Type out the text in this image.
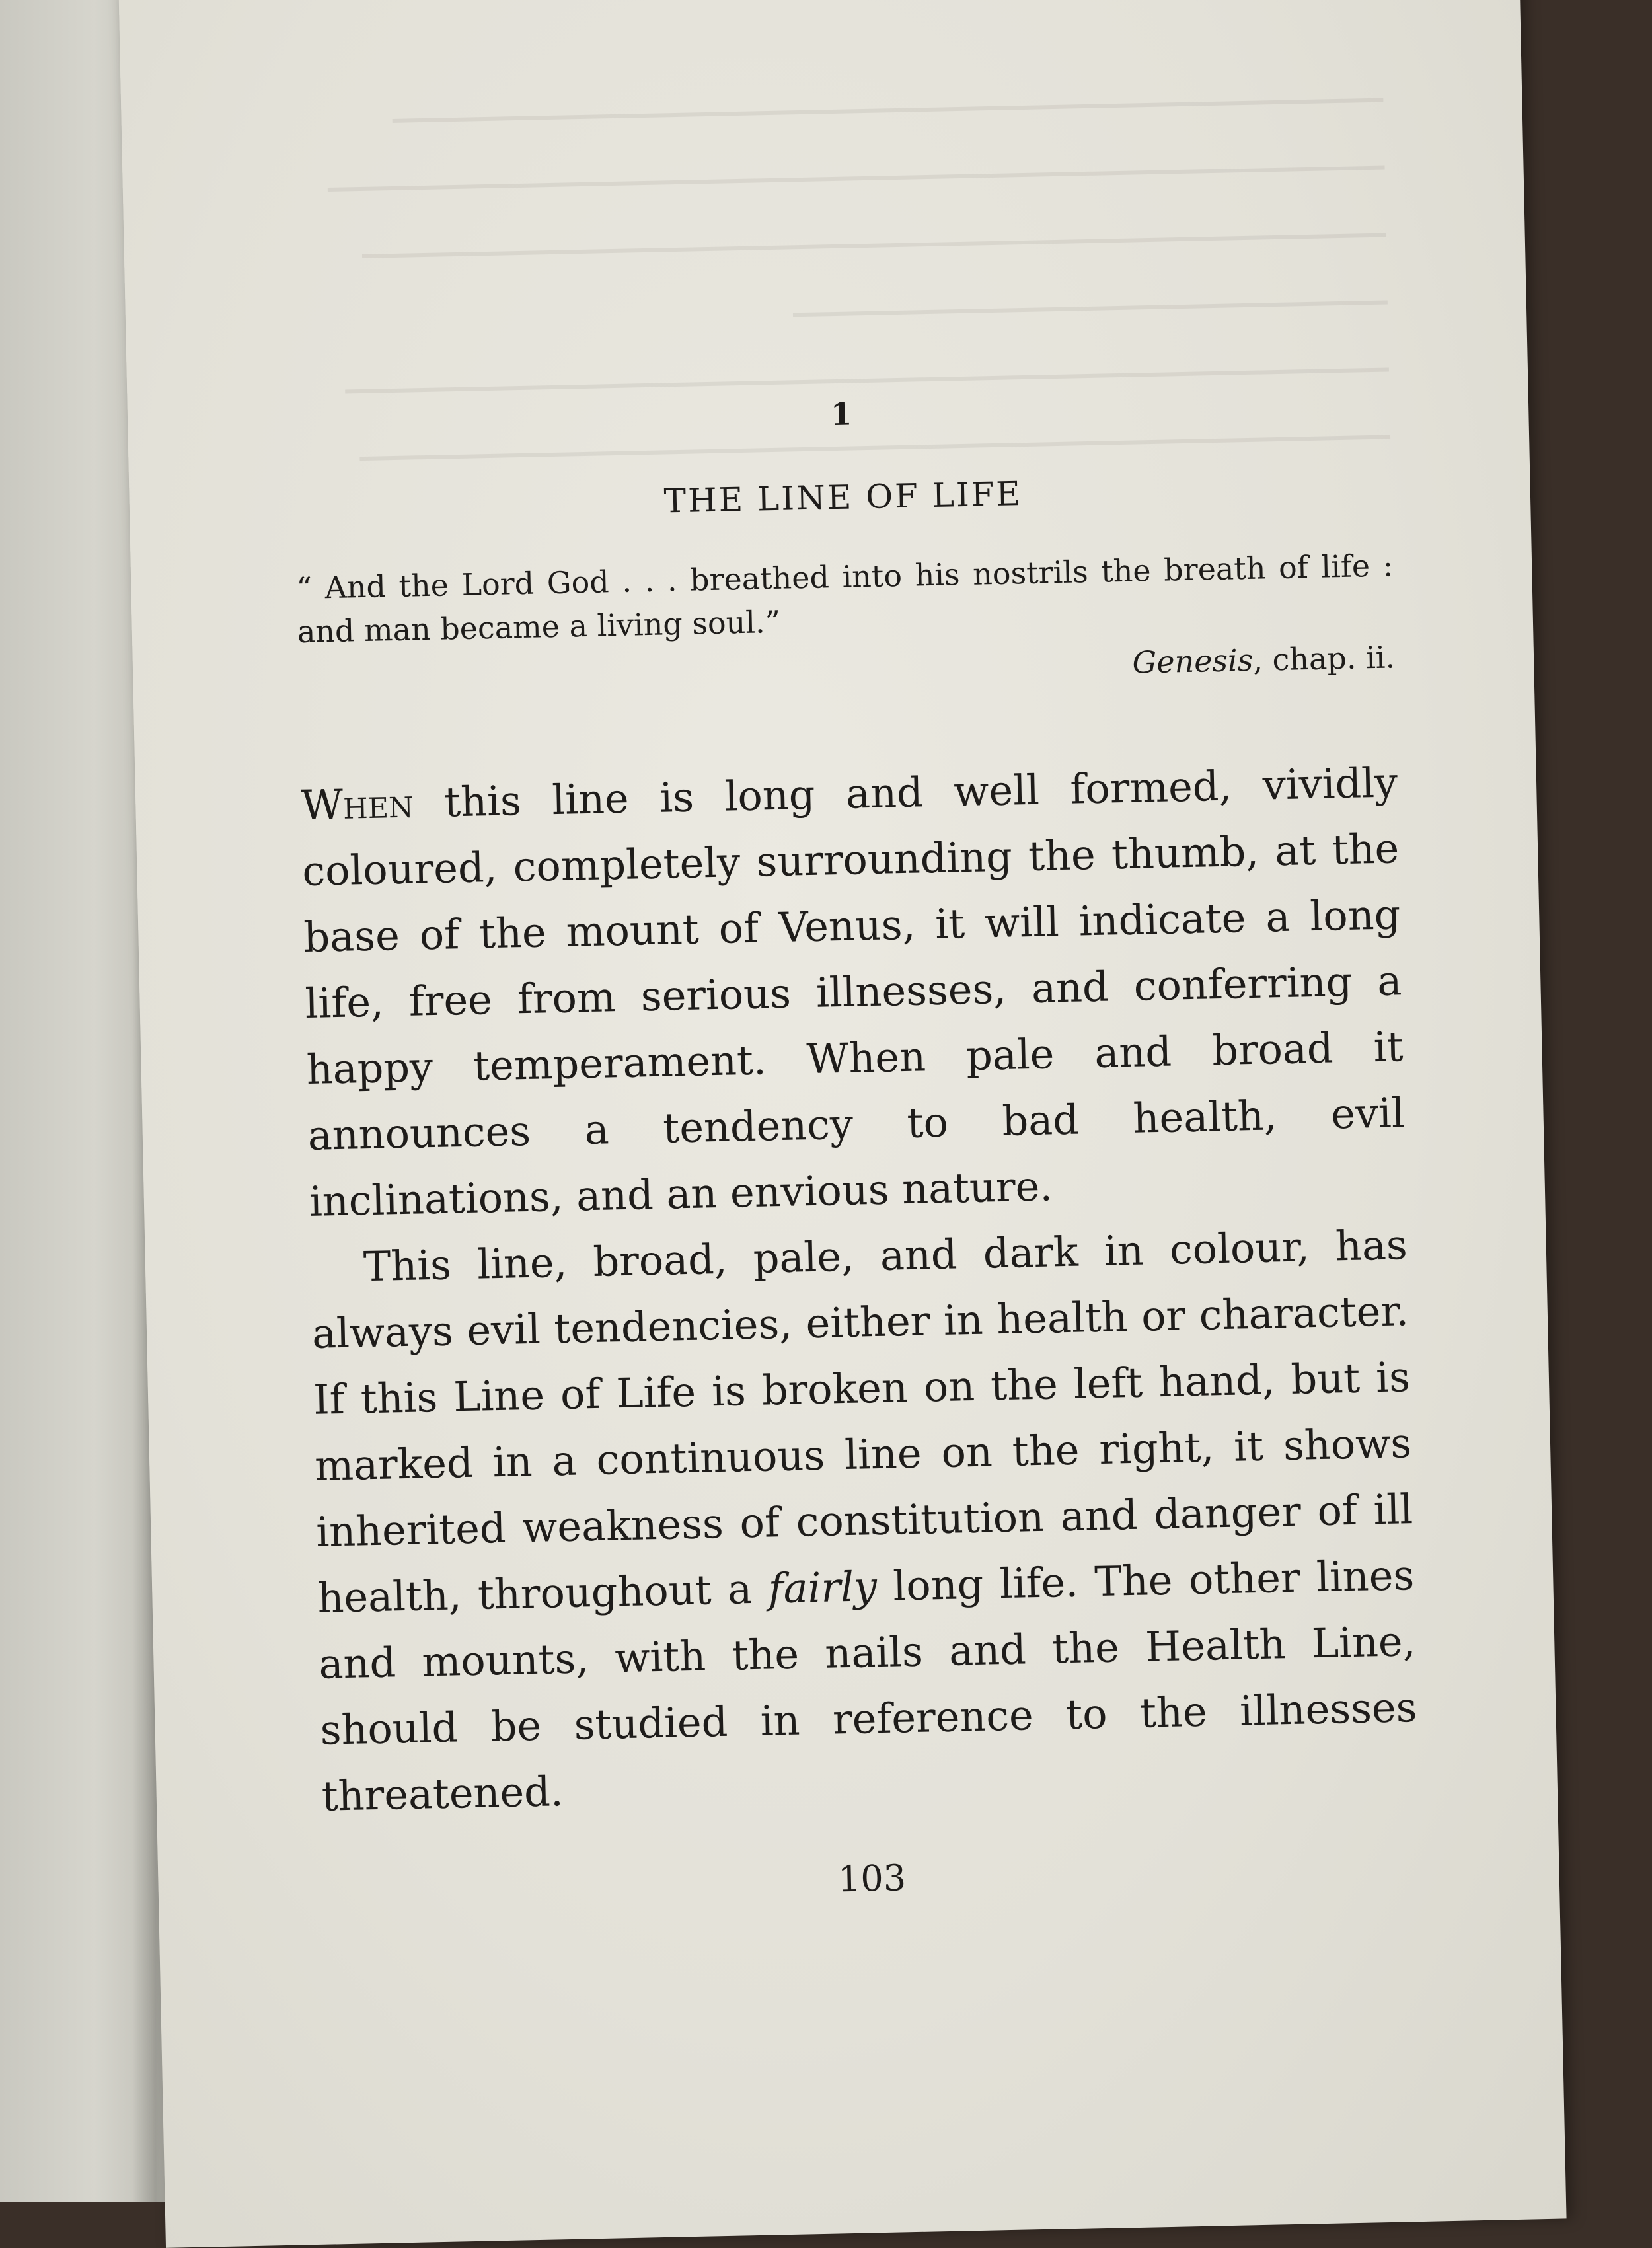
1
THE LINE OF LIFE

“ And the Lord God . . . breathed into his nostrils the breath of life : and man became a living soul.”

Genesis, chap. ii.

When this line is long and well formed, vividly coloured, completely surrounding the thumb, at the base of the mount of Venus, it will indicate a long life, free from serious illnesses, and conferring a happy temperament. When pale and broad it announces a tendency to bad health, evil inclinations, and an envious nature.

This line, broad, pale, and dark in colour, has always evil tendencies, either in health or character. If this Line of Life is broken on the left hand, but is marked in a continuous line on the right, it shows inherited weakness of constitution and danger of ill health, throughout a fairly long life. The other lines and mounts, with the nails and the Health Line, should be studied in reference to the illnesses threatened.

103
